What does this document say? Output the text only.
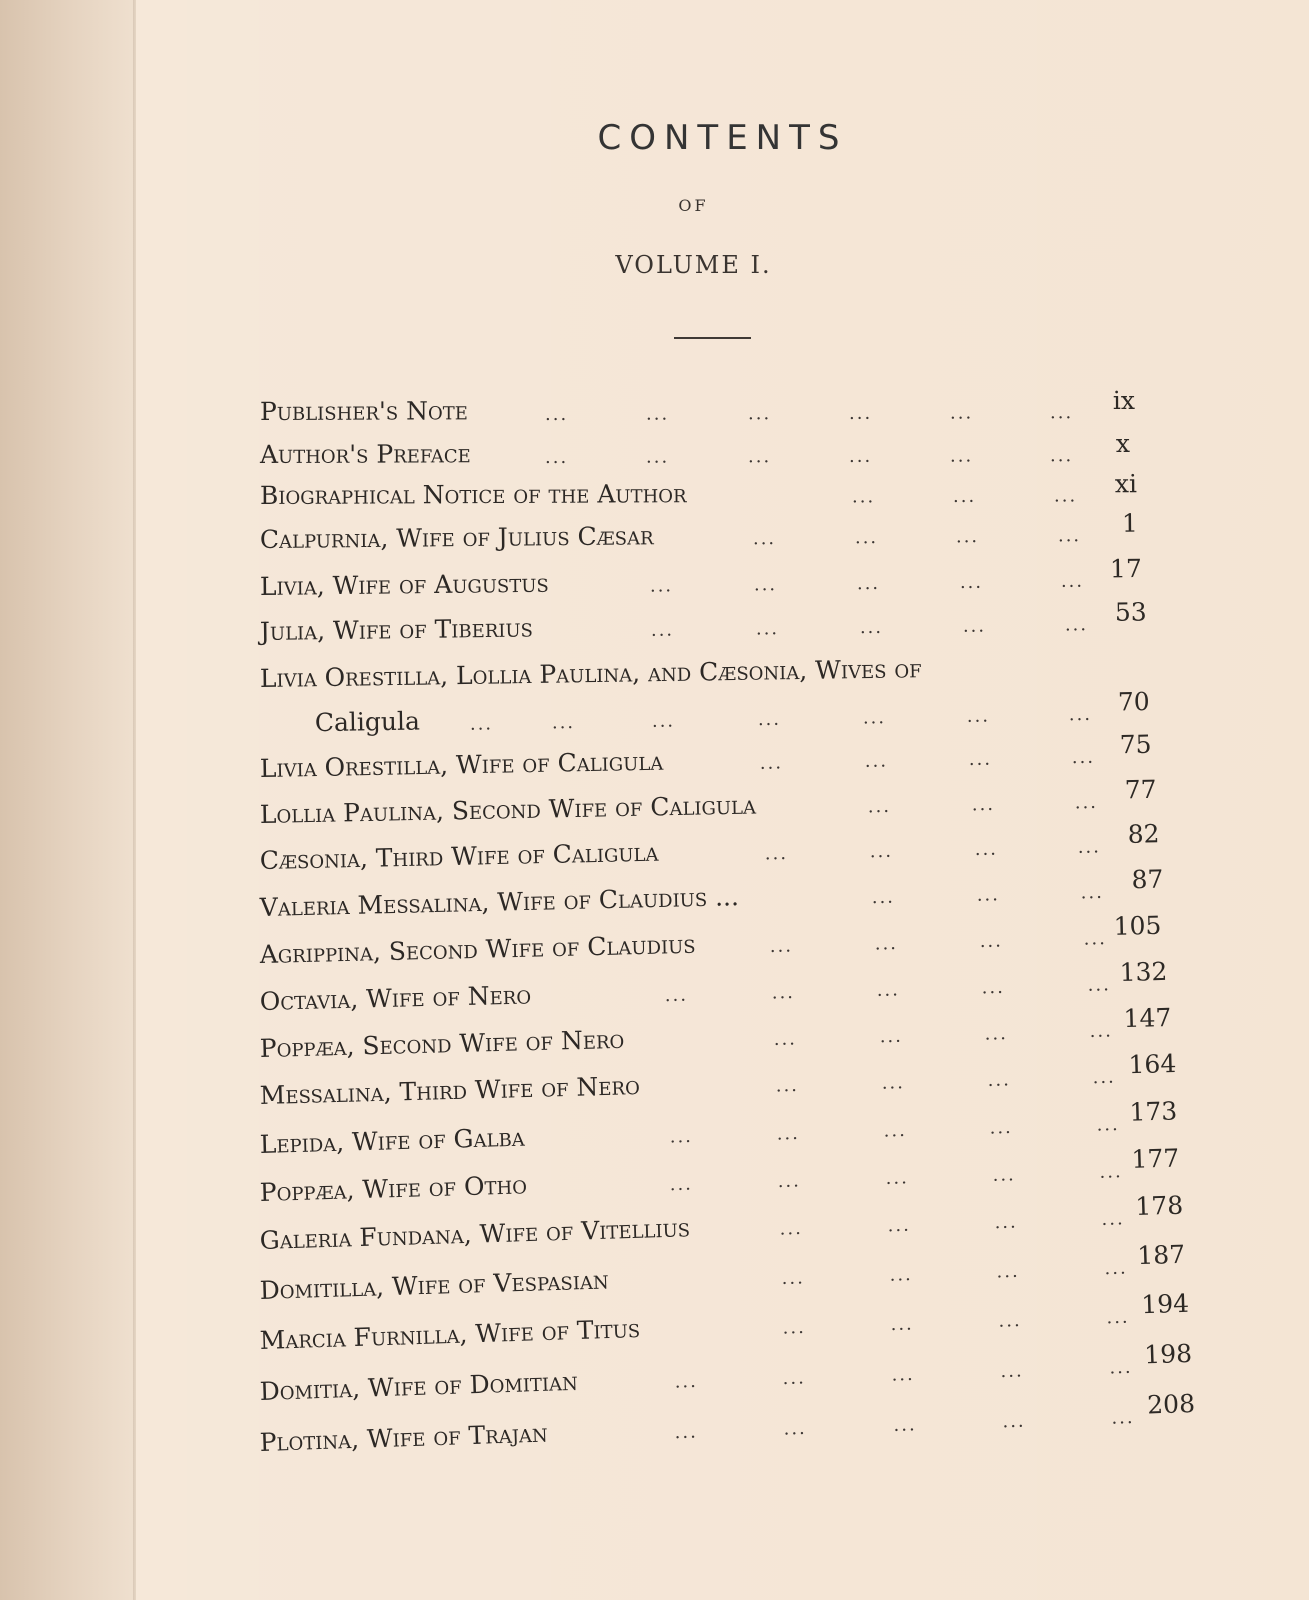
CONTENTS
OF
VOLUME I.
Publisher's Note	...	...	...	...	...	...	ix
Author's Preface	...	...	...	...	...	...	x
Biographical Notice of the Author	...	...	...	xi
Calpurnia, Wife of Julius Cæsar	...	...	...	...	1
Livia, Wife of Augustus	...	...	...	...	...	17
Julia, Wife of Tiberius	...	...	...	...	...	53
Livia Orestilla, Lollia Paulina, and Cæsonia, Wives of
Caligula	...	...	...	...	...	...	...	70
Livia Orestilla, Wife of Caligula	...	...	...	... 75
Lollia Paulina, Second Wife of Caligula	...	...	...	77
Cæsonia, Third Wife of Caligula	...	...	...	...	82
Valeria Messalina, Wife of Claudius ...	...	...	...	87
Agrippina, Second Wife of Claudius	...	...	...	... 105
Octavia, Wife of Nero	...	...	...	...	... 132
Poppæa, Second Wife of Nero	...	...	...	... 147
Messalina, Third Wife of Nero	...	...	...	... 164
Lepida, Wife of Galba	...	...	...	...	... 173
Poppæa, Wife of Otho	...	...	...	...	... 177
Galeria Fundana, Wife of Vitellius	...	...	...	... 178
Domitilla, Wife of Vespasian	...	...	...	... 187
Marcia Furnilla, Wife of Titus	...	...	...	... 194
Domitia, Wife of Domitian	...	...	...	...	... 198
Plotina, Wife of Trajan	...	...	...	...	... 208
